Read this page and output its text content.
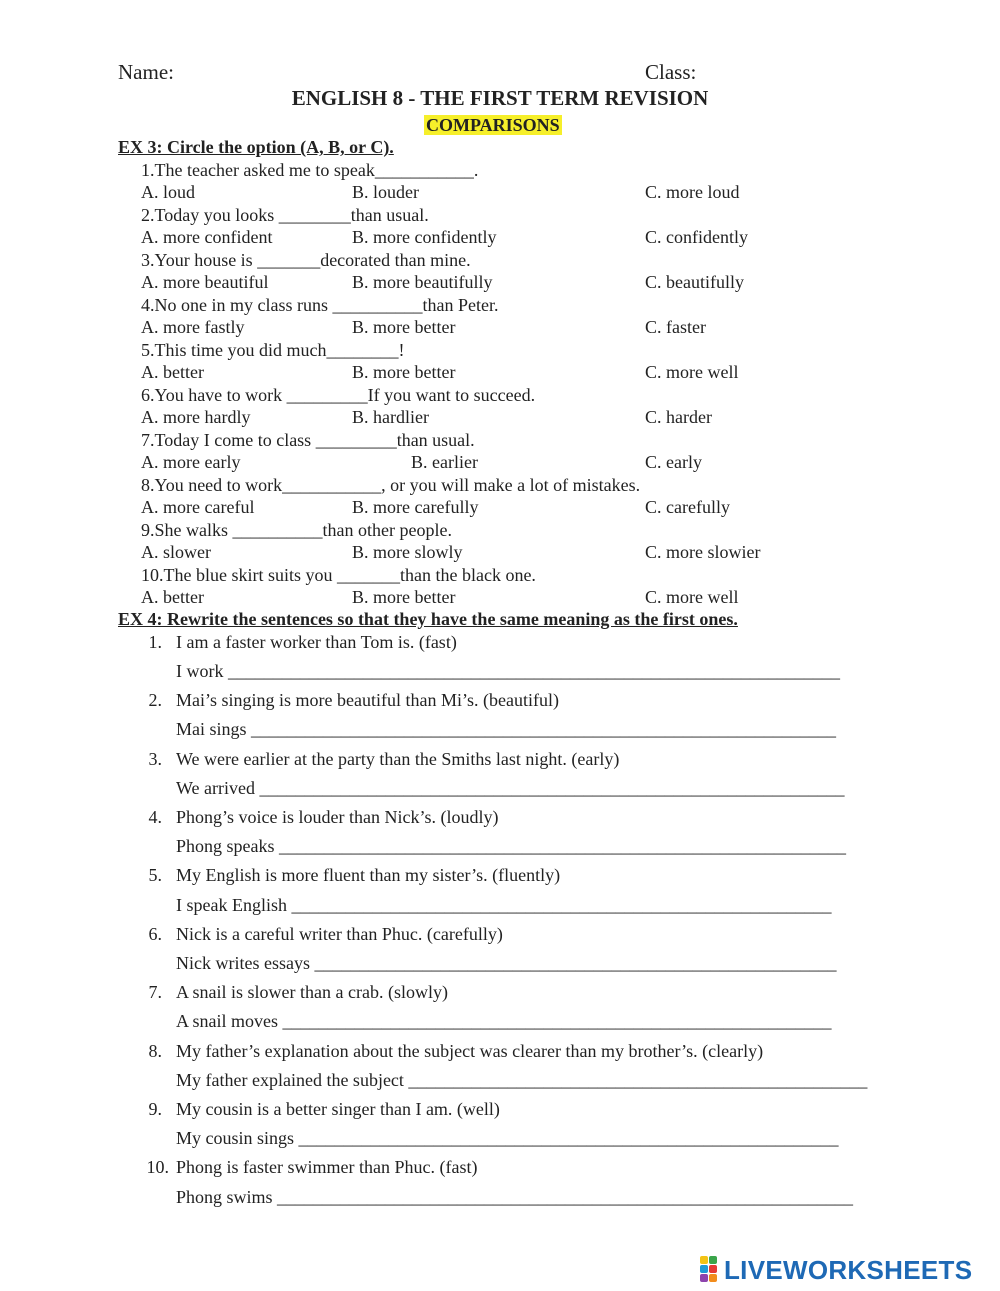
Name:	Class:
ENGLISH 8 - THE FIRST TERM REVISION
COMPARISONS
EX 3: Circle the option (A, B, or C).
1.The teacher asked me to speak___________.
A. loud	B. louder	C. more loud
2.Today you looks ________than usual.
A. more confident	B. more confidently	C. confidently
3.Your house is _______decorated than mine.
A. more beautiful	B. more beautifully	C. beautifully
4.No one in my class runs __________than Peter.
A. more fastly	B. more better	C. faster
5.This time you did much________!
A. better	B. more better	C. more well
6.You have to work _________If you want to succeed.
A. more hardly	B. hardlier	C. harder
7.Today I come to class _________than usual.
A. more early	B. earlier	C. early
8.You need to work___________, or you will make a lot of mistakes.
A. more careful	B. more carefully	C. carefully
9.She walks __________than other people.
A. slower	B. more slowly	C. more slowier
10.The blue skirt suits you _______than the black one.
A. better	B. more better	C. more well
EX 4: Rewrite the sentences so that they have the same meaning as the first ones.
1. I am a faster worker than Tom is. (fast)
I work ____________________________________________________________________
2. Mai’s singing is more beautiful than Mi’s. (beautiful)
Mai sings _________________________________________________________________
3. We were earlier at the party than the Smiths last night. (early)
We arrived _________________________________________________________________
4. Phong’s voice is louder than Nick’s. (loudly)
Phong speaks _______________________________________________________________
5. My English is more fluent than my sister’s. (fluently)
I speak English ____________________________________________________________
6. Nick is a careful writer than Phuc. (carefully)
Nick writes essays __________________________________________________________
7. A snail is slower than a crab. (slowly)
A snail moves _____________________________________________________________
8. My father’s explanation about the subject was clearer than my brother’s. (clearly)
My father explained the subject ___________________________________________________
9. My cousin is a better singer than I am. (well)
My cousin sings ____________________________________________________________
10. Phong is faster swimmer than Phuc. (fast)
Phong swims ________________________________________________________________
LIVEWORKSHEETS
